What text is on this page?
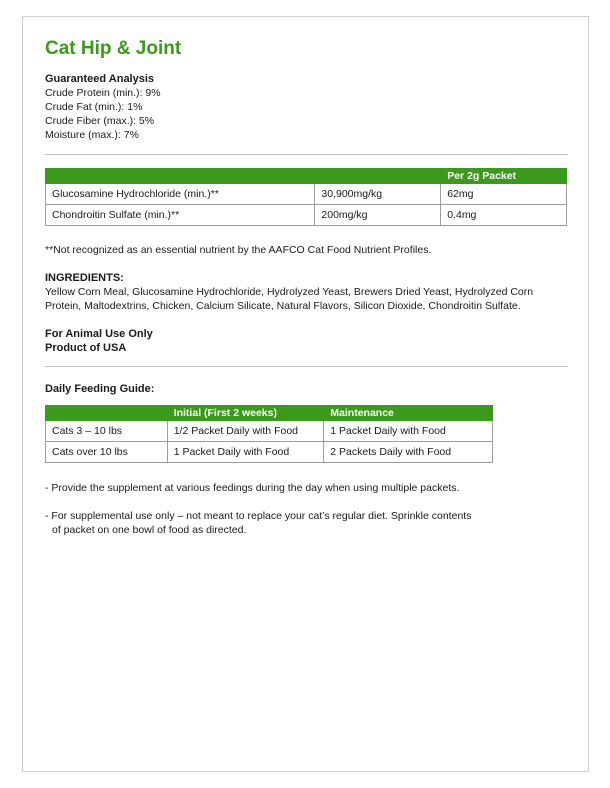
Cat Hip & Joint
Guaranteed Analysis
Crude Protein (min.): 9%
Crude Fat (min.): 1%
Crude Fiber (max.): 5%
Moisture (max.): 7%
		Per 2g Packet
Glucosamine Hydrochloride (min.)**	30,900mg/kg	62mg
Chondroitin Sulfate (min.)**	200mg/kg	0.4mg
**Not recognized as an essential nutrient by the AAFCO Cat Food Nutrient Profiles.
INGREDIENTS:
Yellow Corn Meal, Glucosamine Hydrochloride, Hydrolyzed Yeast, Brewers Dried Yeast, Hydrolyzed Corn
Protein, Maltodextrins, Chicken, Calcium Silicate, Natural Flavors, Silicon Dioxide, Chondroitin Sulfate.
For Animal Use Only
Product of USA
Daily Feeding Guide:
	Initial (First 2 weeks)	Maintenance
Cats 3 – 10 lbs	1/2 Packet Daily with Food	1 Packet Daily with Food
Cats over 10 lbs	1 Packet Daily with Food	2 Packets Daily with Food
- Provide the supplement at various feedings during the day when using multiple packets.
- For supplemental use only – not meant to replace your cat’s regular diet. Sprinkle contents
of packet on one bowl of food as directed.
